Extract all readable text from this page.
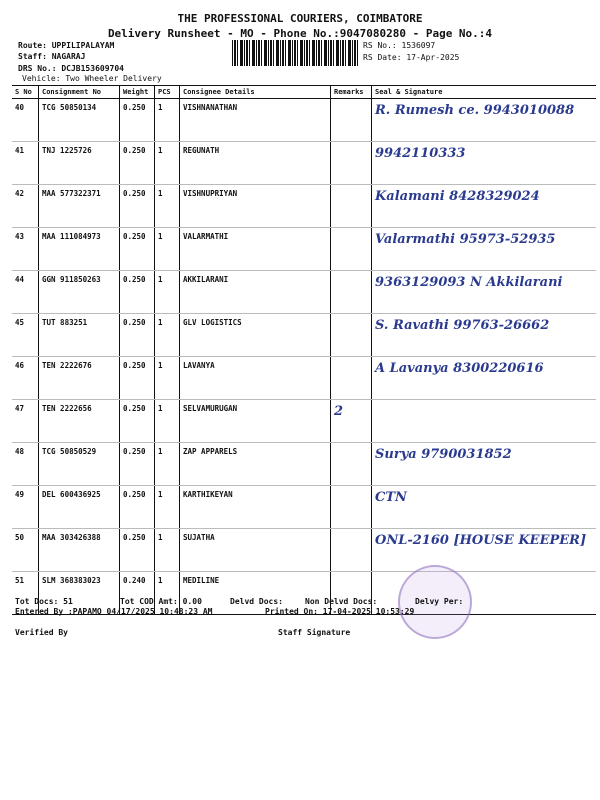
THE PROFESSIONAL COURIERS, COIMBATORE
Delivery Runsheet - MO - Phone No.:9047080280 - Page No.:4
Route: UPPILIPALAYAM
Staff: NAGARAJ
DRS No.: DCJB153609704
Vehicle: Two Wheeler Delivery
RS No.: 1536097
RS Date: 17-Apr-2025
S No	Consignment No	Weight	PCS	Consignee Details	Remarks	Seal & Signature
40	TCG 50850134	0.250	1	VISHNANATHAN		R. Rumesh ce. 9943010088
41	TNJ 1225726	0.250	1	REGUNATH		9942110333
42	MAA 577322371	0.250	1	VISHNUPRIYAN		Kalamani 8428329024
43	MAA 111084973	0.250	1	VALARMATHI		Valarmathi 95973-52935
44	GGN 911850263	0.250	1	AKKILARANI		9363129093 N Akkilarani
45	TUT 883251	0.250	1	GLV LOGISTICS		S. Ravathi 99763-26662
46	TEN 2222676	0.250	1	LAVANYA		A Lavanya 8300220616
47	TEN 2222656	0.250	1	SELVAMURUGAN	2	
48	TCG 50850529	0.250	1	ZAP APPARELS		Surya 9790031852
49	DEL 600436925	0.250	1	KARTHIKEYAN		CTN
50	MAA 303426388	0.250	1	SUJATHA		ONL-2160 [HOUSE KEEPER]
51	SLM 368383023	0.240	1	MEDILINE		
Tot Docs: 51	Tot COD Amt: 0.00	Delvd Docs:	Non Delvd Docs:	Delvy Per:
Entered By :PAPAMO 04/17/2025 10:48:23 AM	Printed On: 17-04-2025 10:53:29
Verified By	Staff Signature
